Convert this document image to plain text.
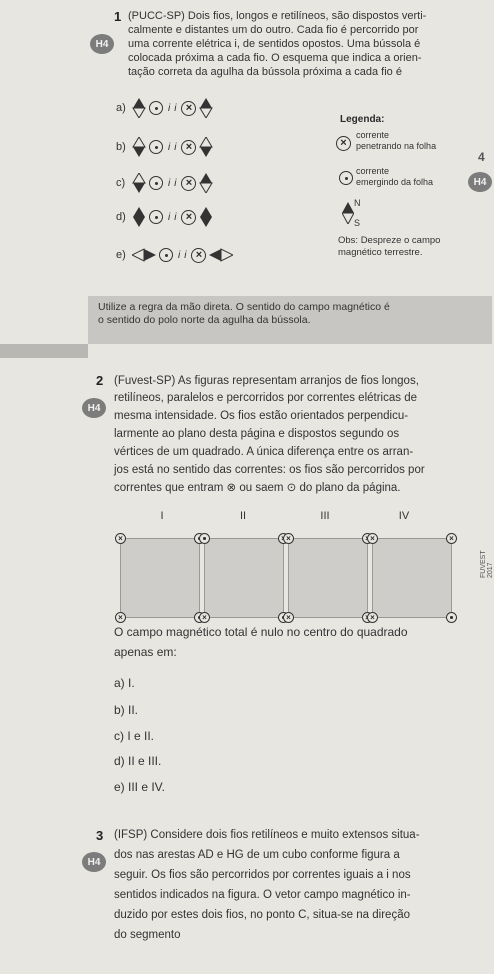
1
H4
(PUCC-SP) Dois fios, longos e retilíneos, são dispostos verti-
calmente e distantes um do outro. Cada fio é percorrido por
uma corrente elétrica i, de sentidos opostos. Uma bússola é
colocada próxima a cada fio. O esquema que indica a orien-
tação correta da agulha da bússola próxima a cada fio é
a)	i i ×
b)	i i ×
c)	i i ×
d)	i i ×
e)	i i ×
Legenda:
×
corrente
penetrando na folha
corrente
emergindo da folha
N
S
Obs: Despreze o campo
magnético terrestre.
4
H4
Utilize a regra da mão direta. O sentido do campo magnético é
o sentido do polo norte da agulha da bússola.
2
H4
(Fuvest-SP) As figuras representam arranjos de fios longos,
retilíneos, paralelos e percorridos por correntes elétricas de
mesma intensidade. Os fios estão orientados perpendicu-
larmente ao plano desta página e dispostos segundo os
vértices de um quadrado. A única diferença entre os arran-
jos está no sentido das correntes: os fios são percorridos por
correntes que entram ⊗ ou saem ⊙ do plano da página.
I	II	III	IV
×
×	×
×
×
×	×
×
FUVEST 2017
O campo magnético total é nulo no centro do quadrado
apenas em:
a) I.
b) II.
c) I e II.
d) II e III.
e) III e IV.
3
H4
(IFSP) Considere dois fios retilíneos e muito extensos situa-
dos nas arestas AD e HG de um cubo conforme figura a
seguir. Os fios são percorridos por correntes iguais a i nos
sentidos indicados na figura. O vetor campo magnético in-
duzido por estes dois fios, no ponto C, situa-se na direção
do segmento
